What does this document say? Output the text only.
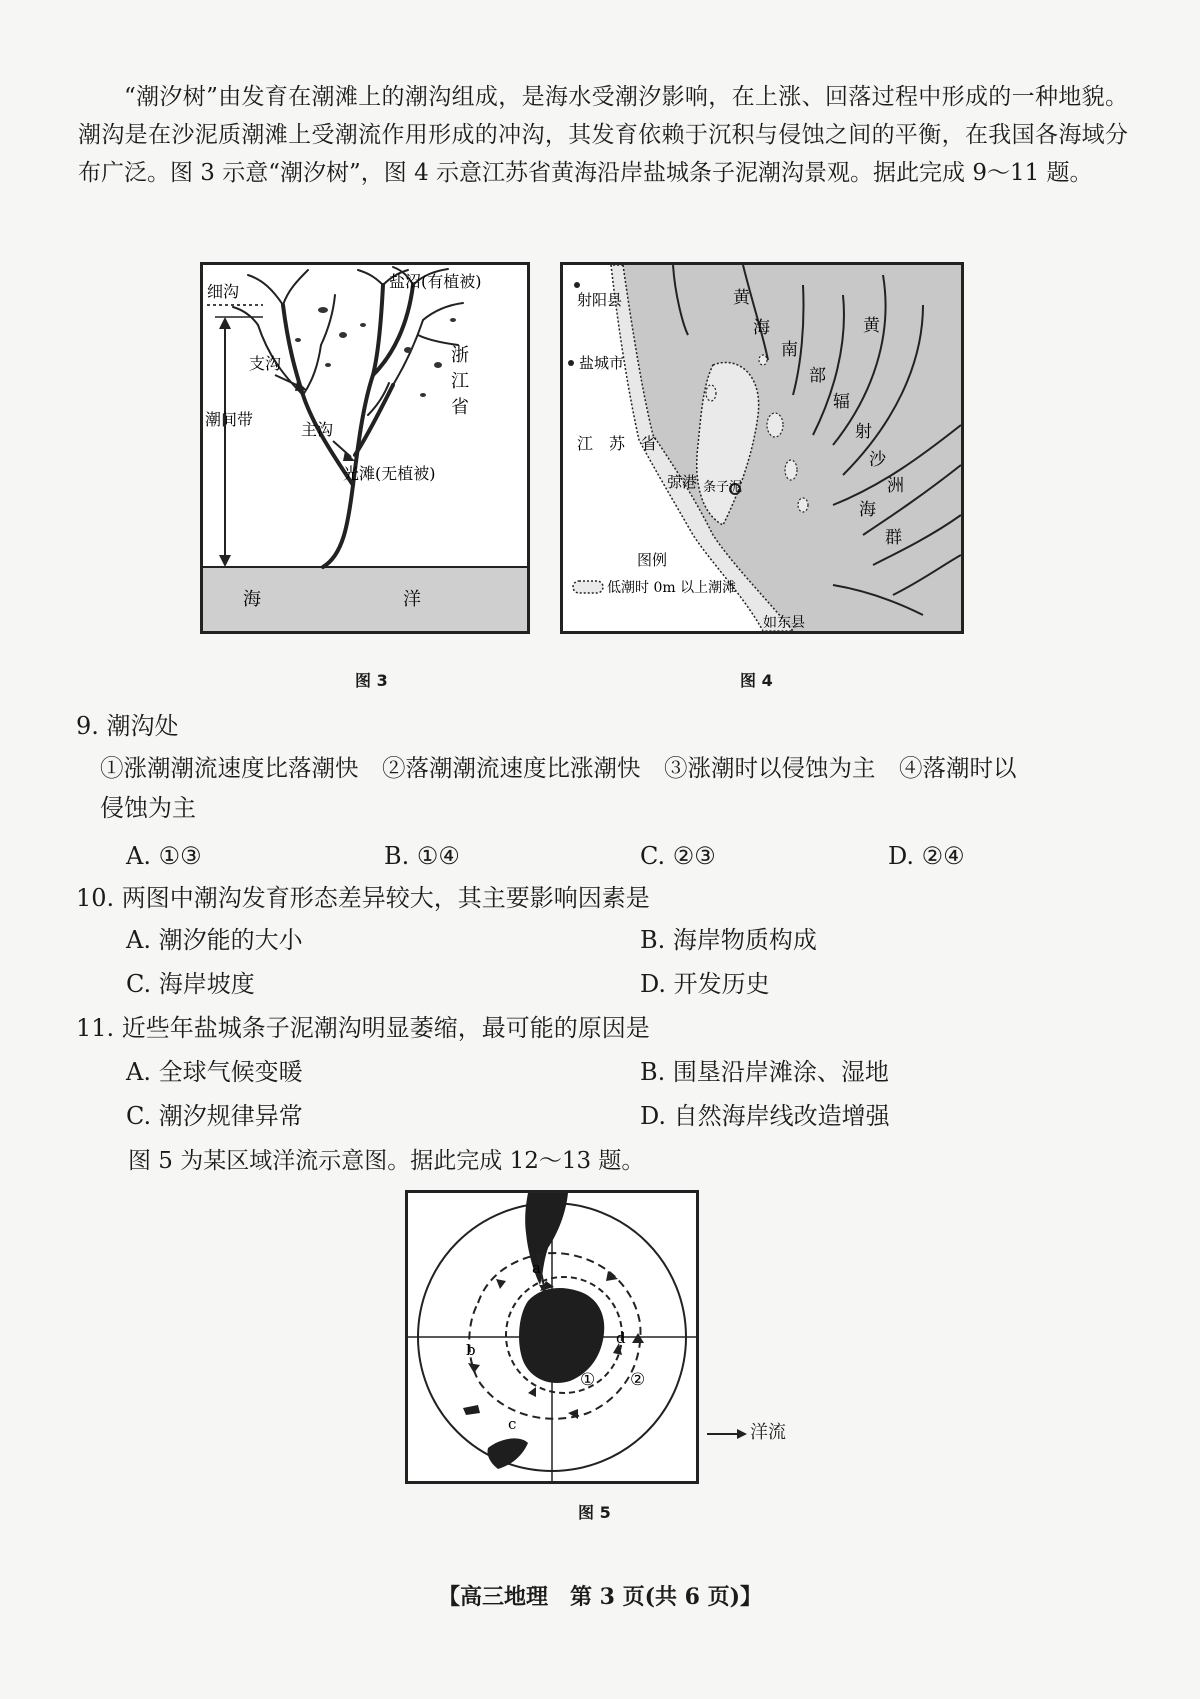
“潮汐树”由发育在潮滩上的潮沟组成，是海水受潮汐影响，在上涨、回落过程中形成的一种地貌。潮沟是在沙泥质潮滩上受潮流作用形成的冲沟，其发育依赖于沉积与侵蚀之间的平衡，在我国各海域分布广泛。图 3 示意“潮汐树”，图 4 示意江苏省黄海沿岸盐城条子泥潮沟景观。据此完成 9～11 题。

细沟
盐沼(有植被)
支沟
潮间带
主沟
光滩(无植被)
浙
江
省
海	洋
图 3
射阳县
盐城市
江　苏　省
弶港 条子泥
如东县
黄
海
南
部
辐
射
沙
洲
海
群
黄
图例
低潮时 0m 以上潮滩
图 4
9. 潮沟处
①涨潮潮流速度比落潮快　②落潮潮流速度比涨潮快　③涨潮时以侵蚀为主　④落潮时以
侵蚀为主
A. ①③	B. ①④	C. ②③	D. ②④
10. 两图中潮沟发育形态差异较大，其主要影响因素是
A. 潮汐能的大小	B. 海岸物质构成
C. 海岸坡度	D. 开发历史
11. 近些年盐城条子泥潮沟明显萎缩，最可能的原因是
A. 全球气候变暖	B. 围垦沿岸滩涂、湿地
C. 潮汐规律异常	D. 自然海岸线改造增强
图 5 为某区域洋流示意图。据此完成 12～13 题。
a
b
c
d
① ②
洋流
图 5
【高三地理　第 3 页(共 6 页)】
